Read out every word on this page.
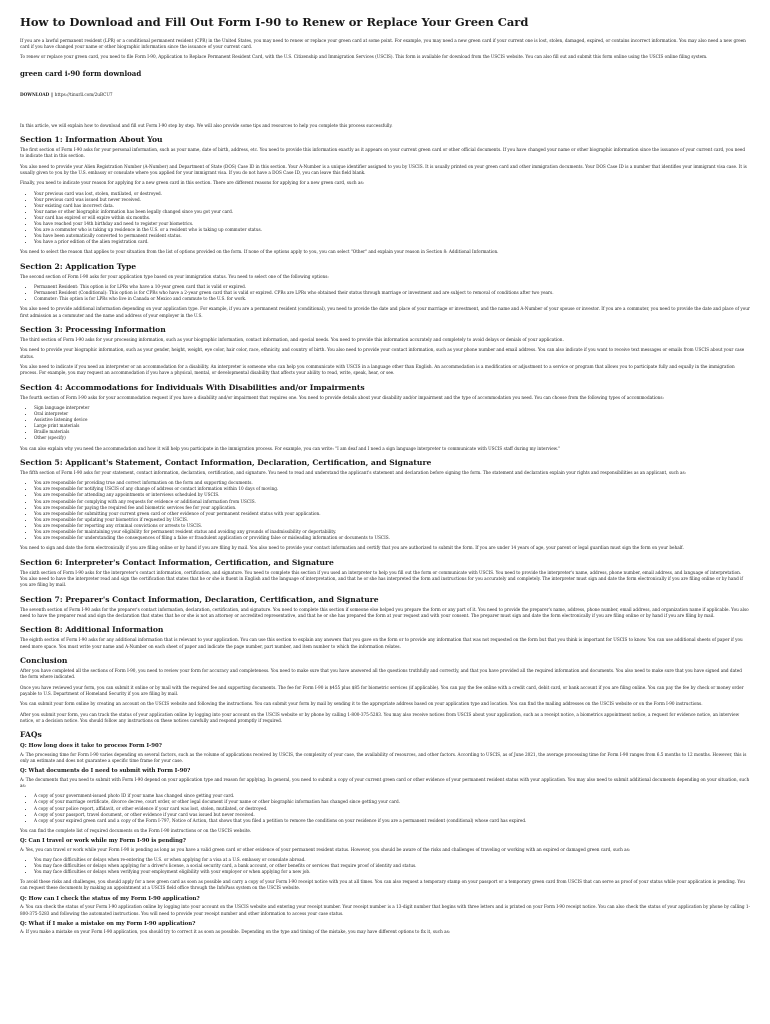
How to Download and Fill Out Form I-90 to Renew or Replace Your Green Card

If you are a lawful permanent resident (LPR) or a conditional permanent resident (CPR) in the United States, you may need to renew or replace your green card at some point. For example, you may need a new green card if your current one is lost, stolen, damaged, expired, or contains incorrect information. You may also need a new green card if you have changed your name or other biographic information since the issuance of your current card.

To renew or replace your green card, you need to file Form I-90, Application to Replace Permanent Resident Card, with the U.S. Citizenship and Immigration Services (USCIS). This form is available for download from the USCIS website. You can also fill out and submit this form online using the USCIS online filing system.

green card i-90 form download
DOWNLOAD || https://tinurll.com/2uBCU7

In this article, we will explain how to download and fill out Form I-90 step by step. We will also provide some tips and resources to help you complete this process successfully.

Section 1: Information About You

The first section of Form I-90 asks for your personal information, such as your name, date of birth, address, etc. You need to provide this information exactly as it appears on your current green card or other official documents. If you have changed your name or other biographic information since the issuance of your current card, you need to indicate that in this section.

You also need to provide your Alien Registration Number (A-Number) and Department of State (DOS) Case ID in this section. Your A-Number is a unique identifier assigned to you by USCIS. It is usually printed on your green card and other immigration documents. Your DOS Case ID is a number that identifies your immigrant visa case. It is usually given to you by the U.S. embassy or consulate where you applied for your immigrant visa. If you do not have a DOS Case ID, you can leave this field blank.

Finally, you need to indicate your reason for applying for a new green card in this section. There are different reasons for applying for a new green card, such as:

• Your previous card was lost, stolen, mutilated, or destroyed.
• Your previous card was issued but never received.
• Your existing card has incorrect data.
• Your name or other biographic information has been legally changed since you got your card.
• Your card has expired or will expire within six months.
• You have reached your 14th birthday and need to register your biometrics.
• You are a commuter who is taking up residence in the U.S. or a resident who is taking up commuter status.
• You have been automatically converted to permanent resident status.
• You have a prior edition of the alien registration card.

You need to select the reason that applies to your situation from the list of options provided on the form. If none of the options apply to you, you can select "Other" and explain your reason in Section 8: Additional Information.

Section 2: Application Type

The second section of Form I-90 asks for your application type based on your immigration status. You need to select one of the following options:

• Permanent Resident: This option is for LPRs who have a 10-year green card that is valid or expired.
• Permanent Resident (Conditional): This option is for CPRs who have a 2-year green card that is valid or expired. CPRs are LPRs who obtained their status through marriage or investment and are subject to removal of conditions after two years.
• Commuter: This option is for LPRs who live in Canada or Mexico and commute to the U.S. for work.

You also need to provide additional information depending on your application type. For example, if you are a permanent resident (conditional), you need to provide the date and place of your marriage or investment, and the name and A-Number of your spouse or investor. If you are a commuter, you need to provide the date and place of your first admission as a commuter and the name and address of your employer in the U.S.

Section 3: Processing Information

The third section of Form I-90 asks for your processing information, such as your biographic information, contact information, and special needs. You need to provide this information accurately and completely to avoid delays or denials of your application.

You need to provide your biographic information, such as your gender, height, weight, eye color, hair color, race, ethnicity, and country of birth. You also need to provide your contact information, such as your phone number and email address. You can also indicate if you want to receive text messages or emails from USCIS about your case status.

You also need to indicate if you need an interpreter or an accommodation for a disability. An interpreter is someone who can help you communicate with USCIS in a language other than English. An accommodation is a modification or adjustment to a service or program that allows you to participate fully and equally in the immigration process. For example, you may request an accommodation if you have a physical, mental, or developmental disability that affects your ability to read, write, speak, hear, or see.

Section 4: Accommodations for Individuals With Disabilities and/or Impairments

The fourth section of Form I-90 asks for your accommodation request if you have a disability and/or impairment that requires one. You need to provide details about your disability and/or impairment and the type of accommodation you need. You can choose from the following types of accommodations:

• Sign language interpreter
• Oral interpreter
• Assistive listening device
• Large print materials
• Braille materials
• Other (specify)

You can also explain why you need the accommodation and how it will help you participate in the immigration process. For example, you can write: "I am deaf and I need a sign language interpreter to communicate with USCIS staff during my interview."

Section 5: Applicant's Statement, Contact Information, Declaration, Certification, and Signature

The fifth section of Form I-90 asks for your statement, contact information, declaration, certification, and signature. You need to read and understand the applicant's statement and declaration before signing the form. The statement and declaration explain your rights and responsibilities as an applicant, such as:

• You are responsible for providing true and correct information on the form and supporting documents.
• You are responsible for notifying USCIS of any change of address or contact information within 10 days of moving.
• You are responsible for attending any appointments or interviews scheduled by USCIS.
• You are responsible for complying with any requests for evidence or additional information from USCIS.
• You are responsible for paying the required fee and biometric services fee for your application.
• You are responsible for submitting your current green card or other evidence of your permanent resident status with your application.
• You are responsible for updating your biometrics if requested by USCIS.
• You are responsible for reporting any criminal convictions or arrests to USCIS.
• You are responsible for maintaining your eligibility for permanent resident status and avoiding any grounds of inadmissibility or deportability.
• You are responsible for understanding the consequences of filing a false or fraudulent application or providing false or misleading information or documents to USCIS.

You need to sign and date the form electronically if you are filing online or by hand if you are filing by mail. You also need to provide your contact information and certify that you are authorized to submit the form. If you are under 14 years of age, your parent or legal guardian must sign the form on your behalf.

Section 6: Interpreter's Contact Information, Certification, and Signature

The sixth section of Form I-90 asks for the interpreter's contact information, certification, and signature. You need to complete this section if you used an interpreter to help you fill out the form or communicate with USCIS. You need to provide the interpreter's name, address, phone number, email address, and language of interpretation. You also need to have the interpreter read and sign the certification that states that he or she is fluent in English and the language of interpretation, and that he or she has interpreted the form and instructions for you accurately and completely. The interpreter must sign and date the form electronically if you are filing online or by hand if you are filing by mail.

Section 7: Preparer's Contact Information, Declaration, Certification, and Signature

The seventh section of Form I-90 asks for the preparer's contact information, declaration, certification, and signature. You need to complete this section if someone else helped you prepare the form or any part of it. You need to provide the preparer's name, address, phone number, email address, and organization name if applicable. You also need to have the preparer read and sign the declaration that states that he or she is not an attorney or accredited representative, and that he or she has prepared the form at your request and with your consent. The preparer must sign and date the form electronically if you are filing online or by hand if you are filing by mail.

Section 8: Additional Information

The eighth section of Form I-90 asks for any additional information that is relevant to your application. You can use this section to explain any answers that you gave on the form or to provide any information that was not requested on the form but that you think is important for USCIS to know. You can use additional sheets of paper if you need more space. You must write your name and A-Number on each sheet of paper and indicate the page number, part number, and item number to which the information relates.

Conclusion

After you have completed all the sections of Form I-90, you need to review your form for accuracy and completeness. You need to make sure that you have answered all the questions truthfully and correctly, and that you have provided all the required information and documents. You also need to make sure that you have signed and dated the form where indicated.

Once you have reviewed your form, you can submit it online or by mail with the required fee and supporting documents. The fee for Form I-90 is $455 plus $85 for biometric services (if applicable). You can pay the fee online with a credit card, debit card, or bank account if you are filing online. You can pay the fee by check or money order payable to U.S. Department of Homeland Security if you are filing by mail.

You can submit your form online by creating an account on the USCIS website and following the instructions. You can submit your form by mail by sending it to the appropriate address based on your application type and location. You can find the mailing addresses on the USCIS website or on the Form I-90 instructions.

After you submit your form, you can track the status of your application online by logging into your account on the USCIS website or by phone by calling 1-800-375-5283. You may also receive notices from USCIS about your application, such as a receipt notice, a biometrics appointment notice, a request for evidence notice, an interview notice, or a decision notice. You should follow any instructions on these notices carefully and respond promptly if required.

FAQs
Q: How long does it take to process Form I-90?

A: The processing time for Form I-90 varies depending on several factors, such as the volume of applications received by USCIS, the complexity of your case, the availability of resources, and other factors. According to USCIS, as of June 2021, the average processing time for Form I-90 ranges from 6.5 months to 12 months. However, this is only an estimate and does not guarantee a specific time frame for your case.

Q: What documents do I need to submit with Form I-90?

A: The documents that you need to submit with Form I-90 depend on your application type and reason for applying. In general, you need to submit a copy of your current green card or other evidence of your permanent resident status with your application. You may also need to submit additional documents depending on your situation, such as:

• A copy of your government-issued photo ID if your name has changed since getting your card.
• A copy of your marriage certificate, divorce decree, court order, or other legal document if your name or other biographic information has changed since getting your card.
• A copy of your police report, affidavit, or other evidence if your card was lost, stolen, mutilated, or destroyed.
• A copy of your passport, travel document, or other evidence if your card was issued but never received.
• A copy of your expired green card and a copy of the Form I-797, Notice of Action, that shows that you filed a petition to remove the conditions on your residence if you are a permanent resident (conditional) whose card has expired.

You can find the complete list of required documents on the Form I-90 instructions or on the USCIS website.

Q: Can I travel or work while my Form I-90 is pending?

A: Yes, you can travel or work while your Form I-90 is pending as long as you have a valid green card or other evidence of your permanent resident status. However, you should be aware of the risks and challenges of traveling or working with an expired or damaged green card, such as:

• You may face difficulties or delays when re-entering the U.S. or when applying for a visa at a U.S. embassy or consulate abroad.
• You may face difficulties or delays when applying for a driver's license, a social security card, a bank account, or other benefits or services that require proof of identity and status.
• You may face difficulties or delays when verifying your employment eligibility with your employer or when applying for a new job.

To avoid these risks and challenges, you should apply for a new green card as soon as possible and carry a copy of your Form I-90 receipt notice with you at all times. You can also request a temporary stamp on your passport or a temporary green card from USCIS that can serve as proof of your status while your application is pending. You can request these documents by making an appointment at a USCIS field office through the InfoPass system on the USCIS website.

Q: How can I check the status of my Form I-90 application?

A: You can check the status of your Form I-90 application online by logging into your account on the USCIS website and entering your receipt number. Your receipt number is a 13-digit number that begins with three letters and is printed on your Form I-90 receipt notice. You can also check the status of your application by phone by calling 1-800-375-5283 and following the automated instructions. You will need to provide your receipt number and other information to access your case status.

Q: What if I make a mistake on my Form I-90 application?

A: If you make a mistake on your Form I-90 application, you should try to correct it as soon as possible. Depending on the type and timing of the mistake, you may have different options to fix it, such as:
